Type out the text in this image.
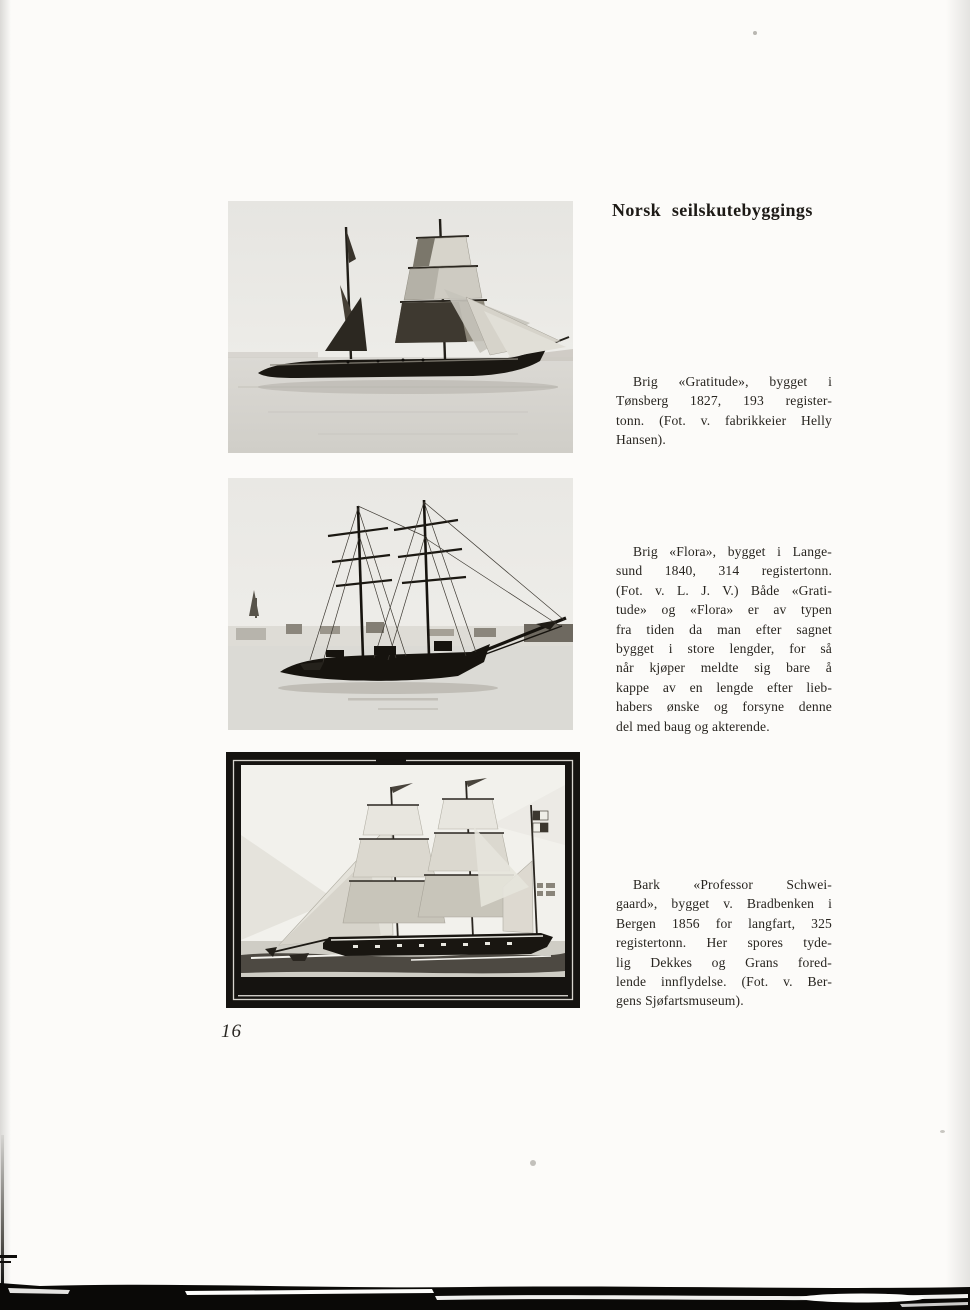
Norsk seilskutebyggings
Brig «Gratitude», bygget i
Tønsberg 1827, 193 register-
tonn. (Fot. v. fabrikkeier Helly
Hansen).
Brig «Flora», bygget i Lange-
sund 1840, 314 registertonn.
(Fot. v. L. J. V.) Både «Grati-
tude» og «Flora» er av typen
fra tiden da man efter sagnet
bygget i store lengder, for så
når kjøper meldte sig bare å
kappe av en lengde efter lieb-
habers ønske og forsyne denne
del med baug og akterende.
Bark «Professor Schwei-
gaard», bygget v. Bradbenken i
Bergen 1856 for langfart, 325
registertonn. Her spores tyde-
lig Dekkes og Grans fored-
lende innflydelse. (Fot. v. Ber-
gens Sjøfartsmuseum).
16
